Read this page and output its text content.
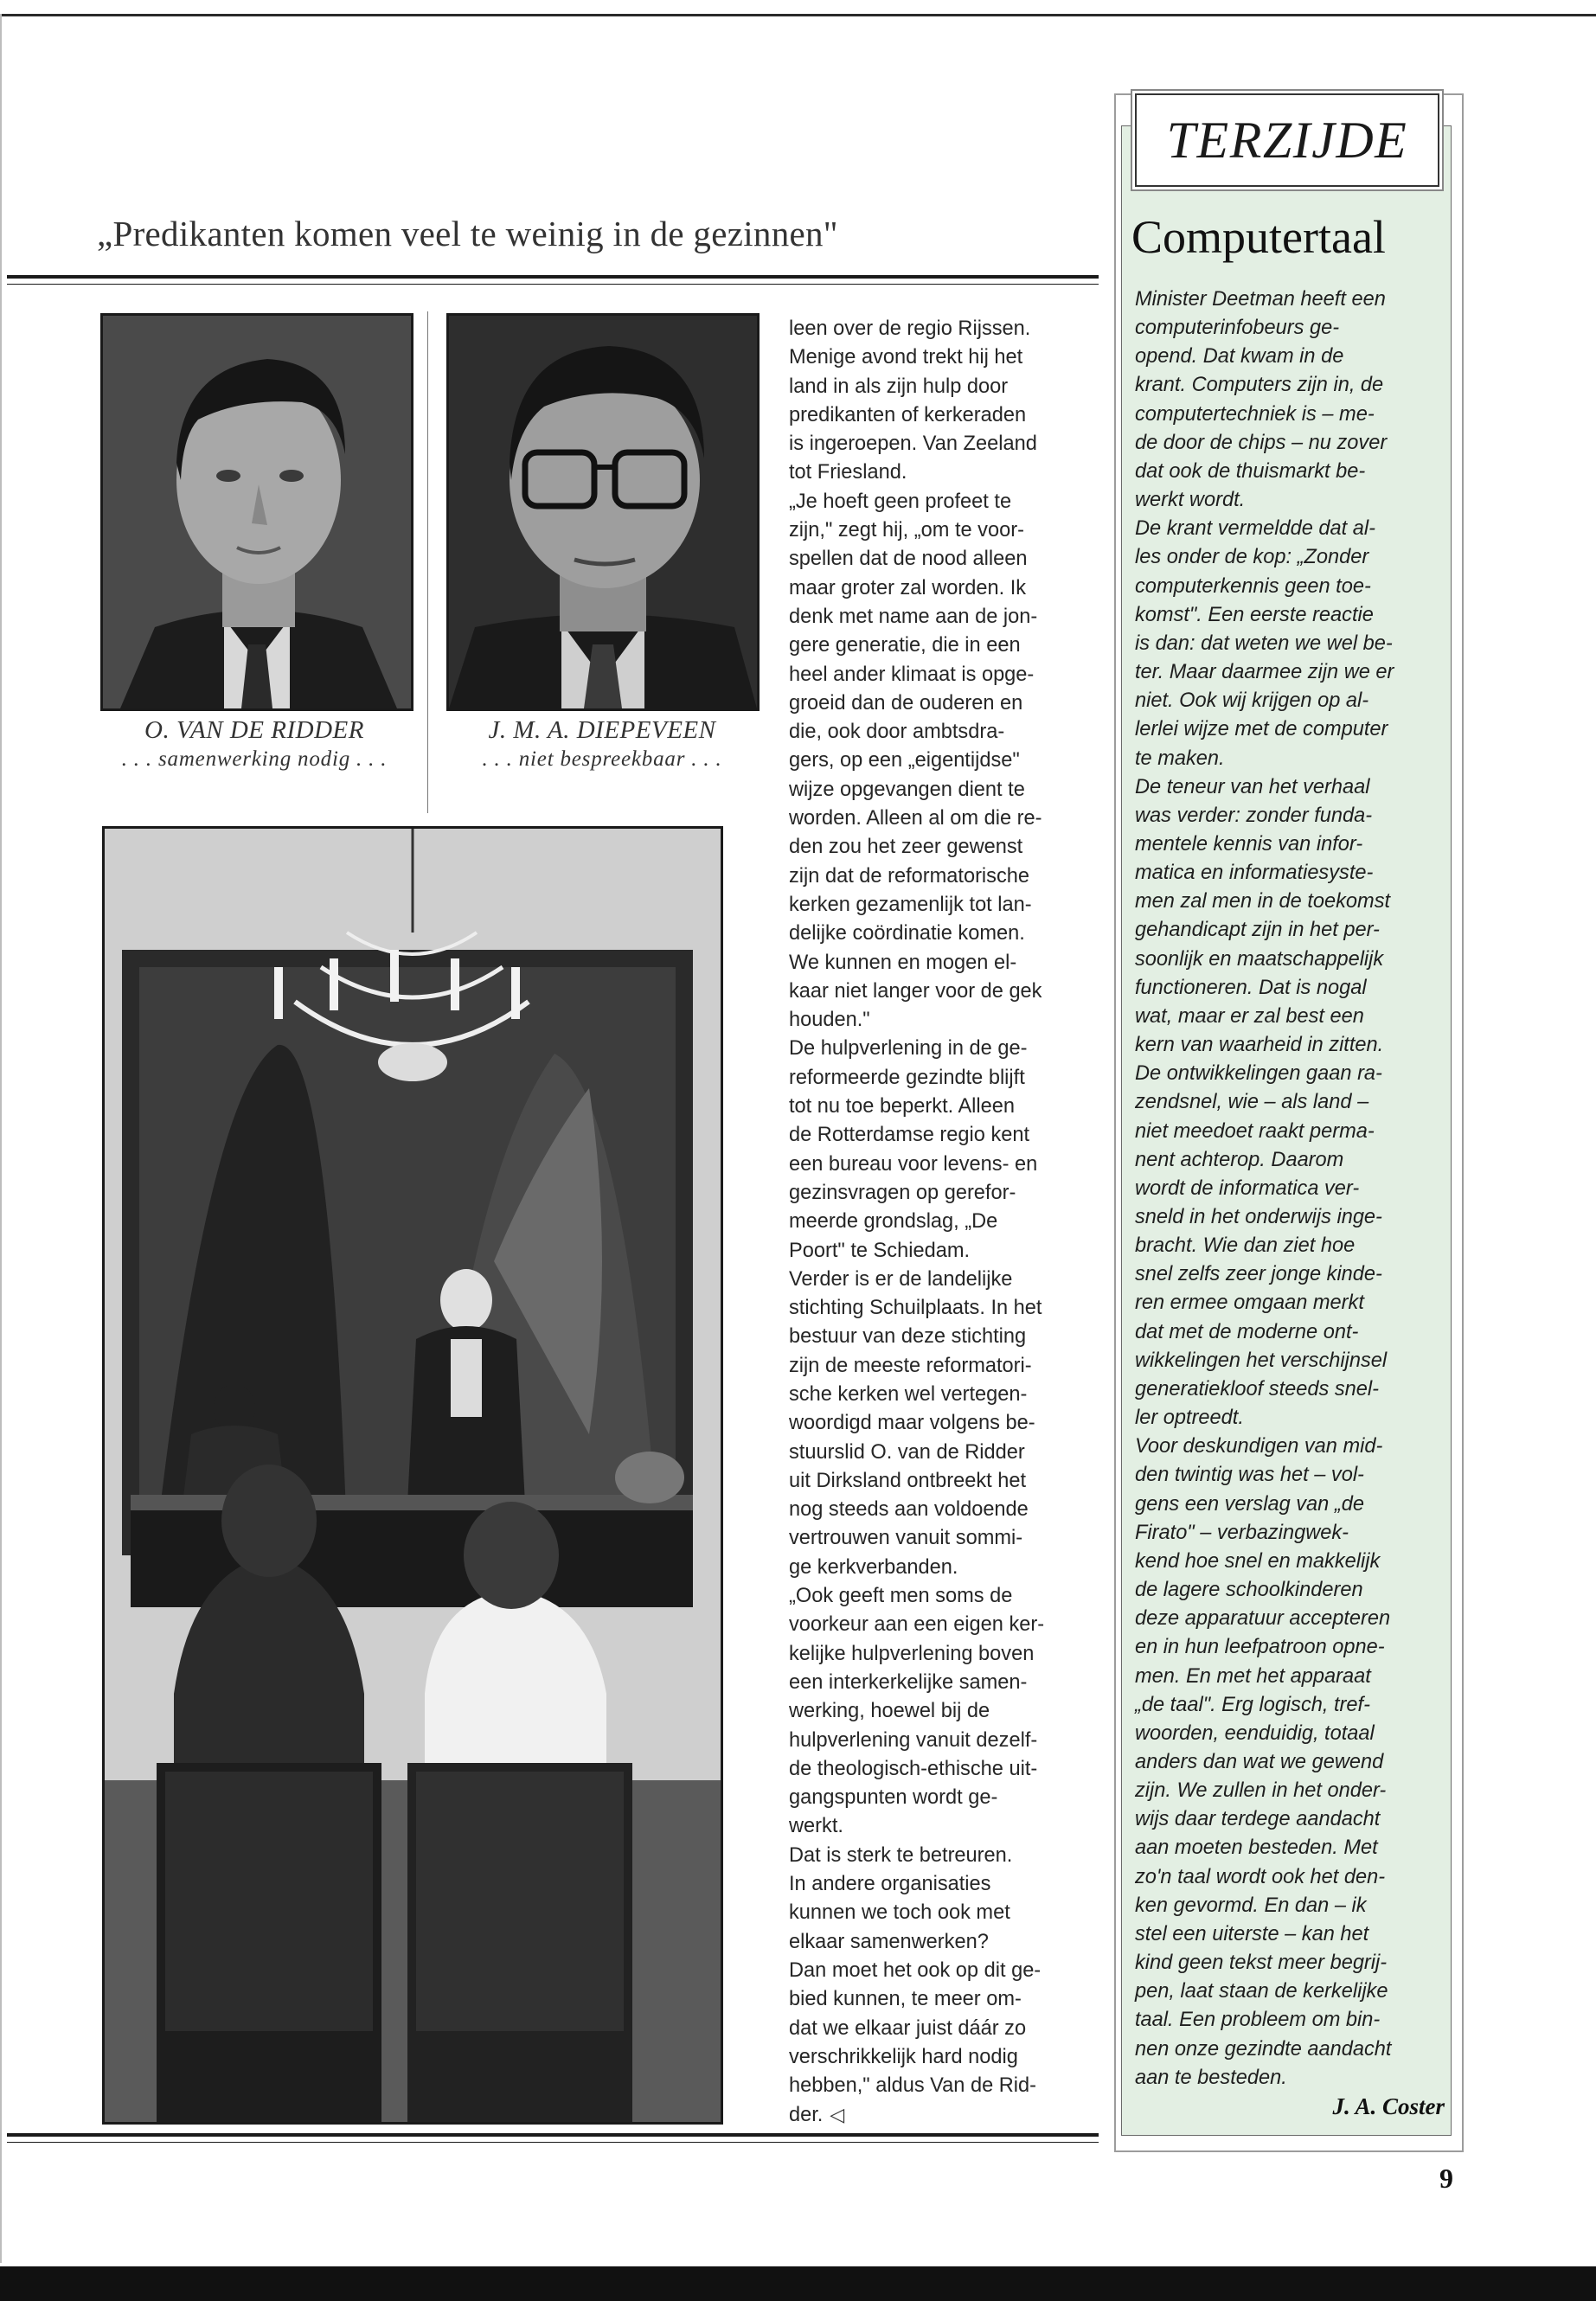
„Predikanten komen veel te weinig in de gezinnen"
O. VAN DE RIDDER
. . . samenwerking nodig . . .
J. M. A. DIEPEVEEN
. . . niet bespreekbaar . . .

leen over de regio Rijssen.
Menige avond trekt hij het
land in als zijn hulp door
predikanten of kerkeraden
is ingeroepen. Van Zeeland
tot Friesland.

„Je hoeft geen profeet te
zijn," zegt hij, „om te voor-
spellen dat de nood alleen
maar groter zal worden. Ik
denk met name aan de jon-
gere generatie, die in een
heel ander klimaat is opge-
groeid dan de ouderen en
die, ook door ambtsdra-
gers, op een „eigentijdse"
wijze opgevangen dient te
worden. Alleen al om die re-
den zou het zeer gewenst
zijn dat de reformatorische
kerken gezamenlijk tot lan-
delijke coördinatie komen.
We kunnen en mogen el-
kaar niet langer voor de gek
houden."

De hulpverlening in de ge-
reformeerde gezindte blijft
tot nu toe beperkt. Alleen
de Rotterdamse regio kent
een bureau voor levens- en
gezinsvragen op gerefor-
meerde grondslag, „De
Poort" te Schiedam.

Verder is er de landelijke
stichting Schuilplaats. In het
bestuur van deze stichting
zijn de meeste reformatori-
sche kerken wel vertegen-
woordigd maar volgens be-
stuurslid O. van de Ridder
uit Dirksland ontbreekt het
nog steeds aan voldoende
vertrouwen vanuit sommi-
ge kerkverbanden.

„Ook geeft men soms de
voorkeur aan een eigen ker-
kelijke hulpverlening boven
een interkerkelijke samen-
werking, hoewel bij de
hulpverlening vanuit dezelf-
de theologisch-ethische uit-
gangspunten wordt ge-
werkt.

Dat is sterk te betreuren.
In andere organisaties
kunnen we toch ook met
elkaar samenwerken?
Dan moet het ook op dit ge-
bied kunnen, te meer om-
dat we elkaar juist dáár zo
verschrikkelijk hard nodig
hebben," aldus Van de Rid-
der. ◁
TERZIJDE
Computertaal

Minister Deetman heeft een
computerinfobeurs ge-
opend. Dat kwam in de
krant. Computers zijn in, de
computertechniek is – me-
de door de chips – nu zover
dat ook de thuismarkt be-
werkt wordt.

De krant vermeldde dat al-
les onder de kop: „Zonder
computerkennis geen toe-
komst". Een eerste reactie
is dan: dat weten we wel be-
ter. Maar daarmee zijn we er
niet. Ook wij krijgen op al-
lerlei wijze met de computer
te maken.

De teneur van het verhaal
was verder: zonder funda-
mentele kennis van infor-
matica en informatiesyste-
men zal men in de toekomst
gehandicapt zijn in het per-
soonlijk en maatschappelijk
functioneren. Dat is nogal
wat, maar er zal best een
kern van waarheid in zitten.

De ontwikkelingen gaan ra-
zendsnel, wie – als land –
niet meedoet raakt perma-
nent achterop. Daarom
wordt de informatica ver-
sneld in het onderwijs inge-
bracht. Wie dan ziet hoe
snel zelfs zeer jonge kinde-
ren ermee omgaan merkt
dat met de moderne ont-
wikkelingen het verschijnsel
generatiekloof steeds snel-
ler optreedt.

Voor deskundigen van mid-
den twintig was het – vol-
gens een verslag van „de
Firato" – verbazingwek-
kend hoe snel en makkelijk
de lagere schoolkinderen
deze apparatuur accepteren
en in hun leefpatroon opne-
men. En met het apparaat
„de taal". Erg logisch, tref-
woorden, eenduidig, totaal
anders dan wat we gewend
zijn. We zullen in het onder-
wijs daar terdege aandacht
aan moeten besteden. Met
zo'n taal wordt ook het den-
ken gevormd. En dan – ik
stel een uiterste – kan het
kind geen tekst meer begrij-
pen, laat staan de kerkelijke
taal. Een probleem om bin-
nen onze gezindte aandacht
aan te besteden.

J. A. Coster
9
